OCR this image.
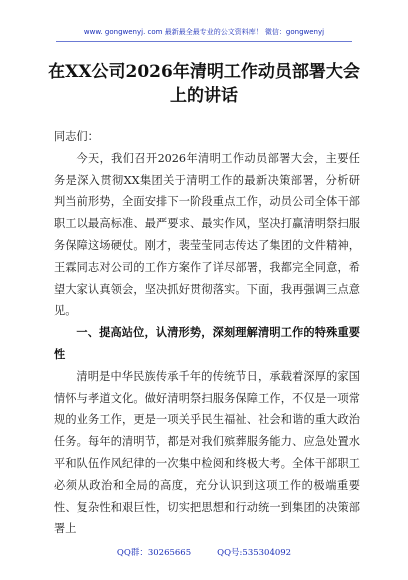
www. gongwenyj. com 最新最全最专业的公文资料库！ 微信：gongwenyj
在XX公司2026年清明工作动员部署大会上的讲话

同志们：

今天，我们召开2026年清明工作动员部署大会，主要任务是深入贯彻XX集团关于清明工作的最新决策部署，分析研判当前形势，全面安排下一阶段重点工作，动员公司全体干部职工以最高标准、最严要求、最实作风，坚决打赢清明祭扫服务保障这场硬仗。刚才，裴莹莹同志传达了集团的文件精神，王霖同志对公司的工作方案作了详尽部署，我都完全同意，希望大家认真领会，坚决抓好贯彻落实。下面，我再强调三点意见。

一、提高站位，认清形势，深刻理解清明工作的特殊重要性

清明是中华民族传承千年的传统节日，承载着深厚的家国情怀与孝道文化。做好清明祭扫服务保障工作，不仅是一项常规的业务工作，更是一项关乎民生福祉、社会和谐的重大政治任务。每年的清明节，都是对我们殡葬服务能力、应急处置水平和队伍作风纪律的一次集中检阅和终极大考。全体干部职工必须从政治和全局的高度，充分认识到这项工作的极端重要性、复杂性和艰巨性，切实把思想和行动统一到集团的决策部署上

QQ群：30265665	QQ号:535304092
